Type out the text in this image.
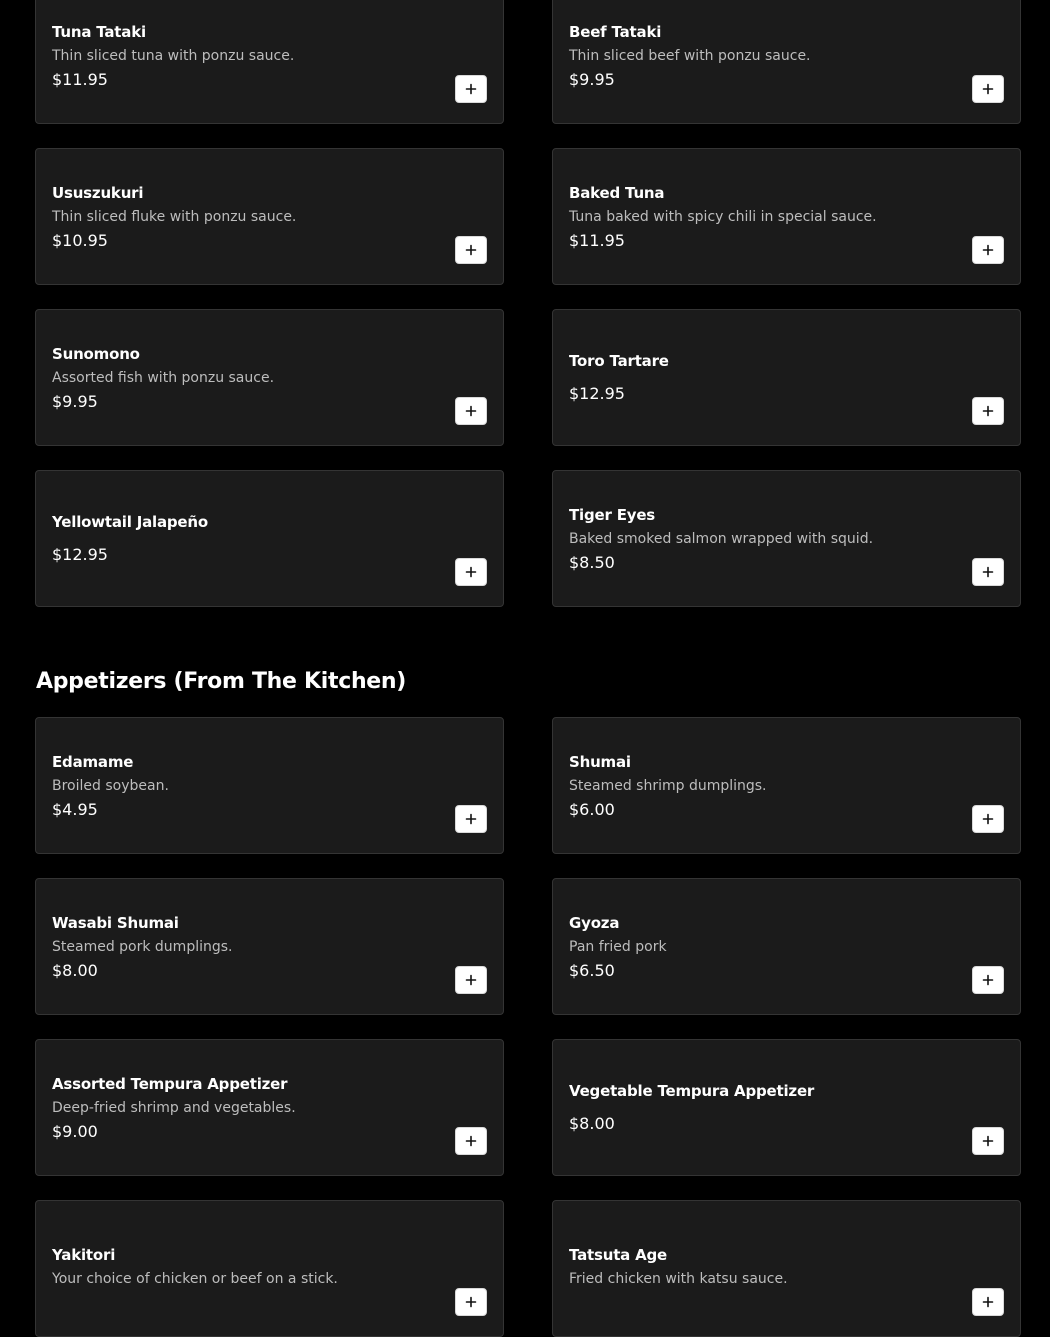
Tuna Tataki
Thin sliced tuna with ponzu sauce.
$11.95
Beef Tataki
Thin sliced beef with ponzu sauce.
$9.95
Ususzukuri
Thin sliced fluke with ponzu sauce.
$10.95
Baked Tuna
Tuna baked with spicy chili in special sauce.
$11.95
Sunomono
Assorted fish with ponzu sauce.
$9.95
Toro Tartare
$12.95
Yellowtail Jalapeño
$12.95
Tiger Eyes
Baked smoked salmon wrapped with squid.
$8.50
Appetizers (From The Kitchen)
Edamame
Broiled soybean.
$4.95
Shumai
Steamed shrimp dumplings.
$6.00
Wasabi Shumai
Steamed pork dumplings.
$8.00
Gyoza
Pan fried pork
$6.50
Assorted Tempura Appetizer
Deep-fried shrimp and vegetables.
$9.00
Vegetable Tempura Appetizer
$8.00
Yakitori
Your choice of chicken or beef on a stick.
Tatsuta Age
Fried chicken with katsu sauce.
